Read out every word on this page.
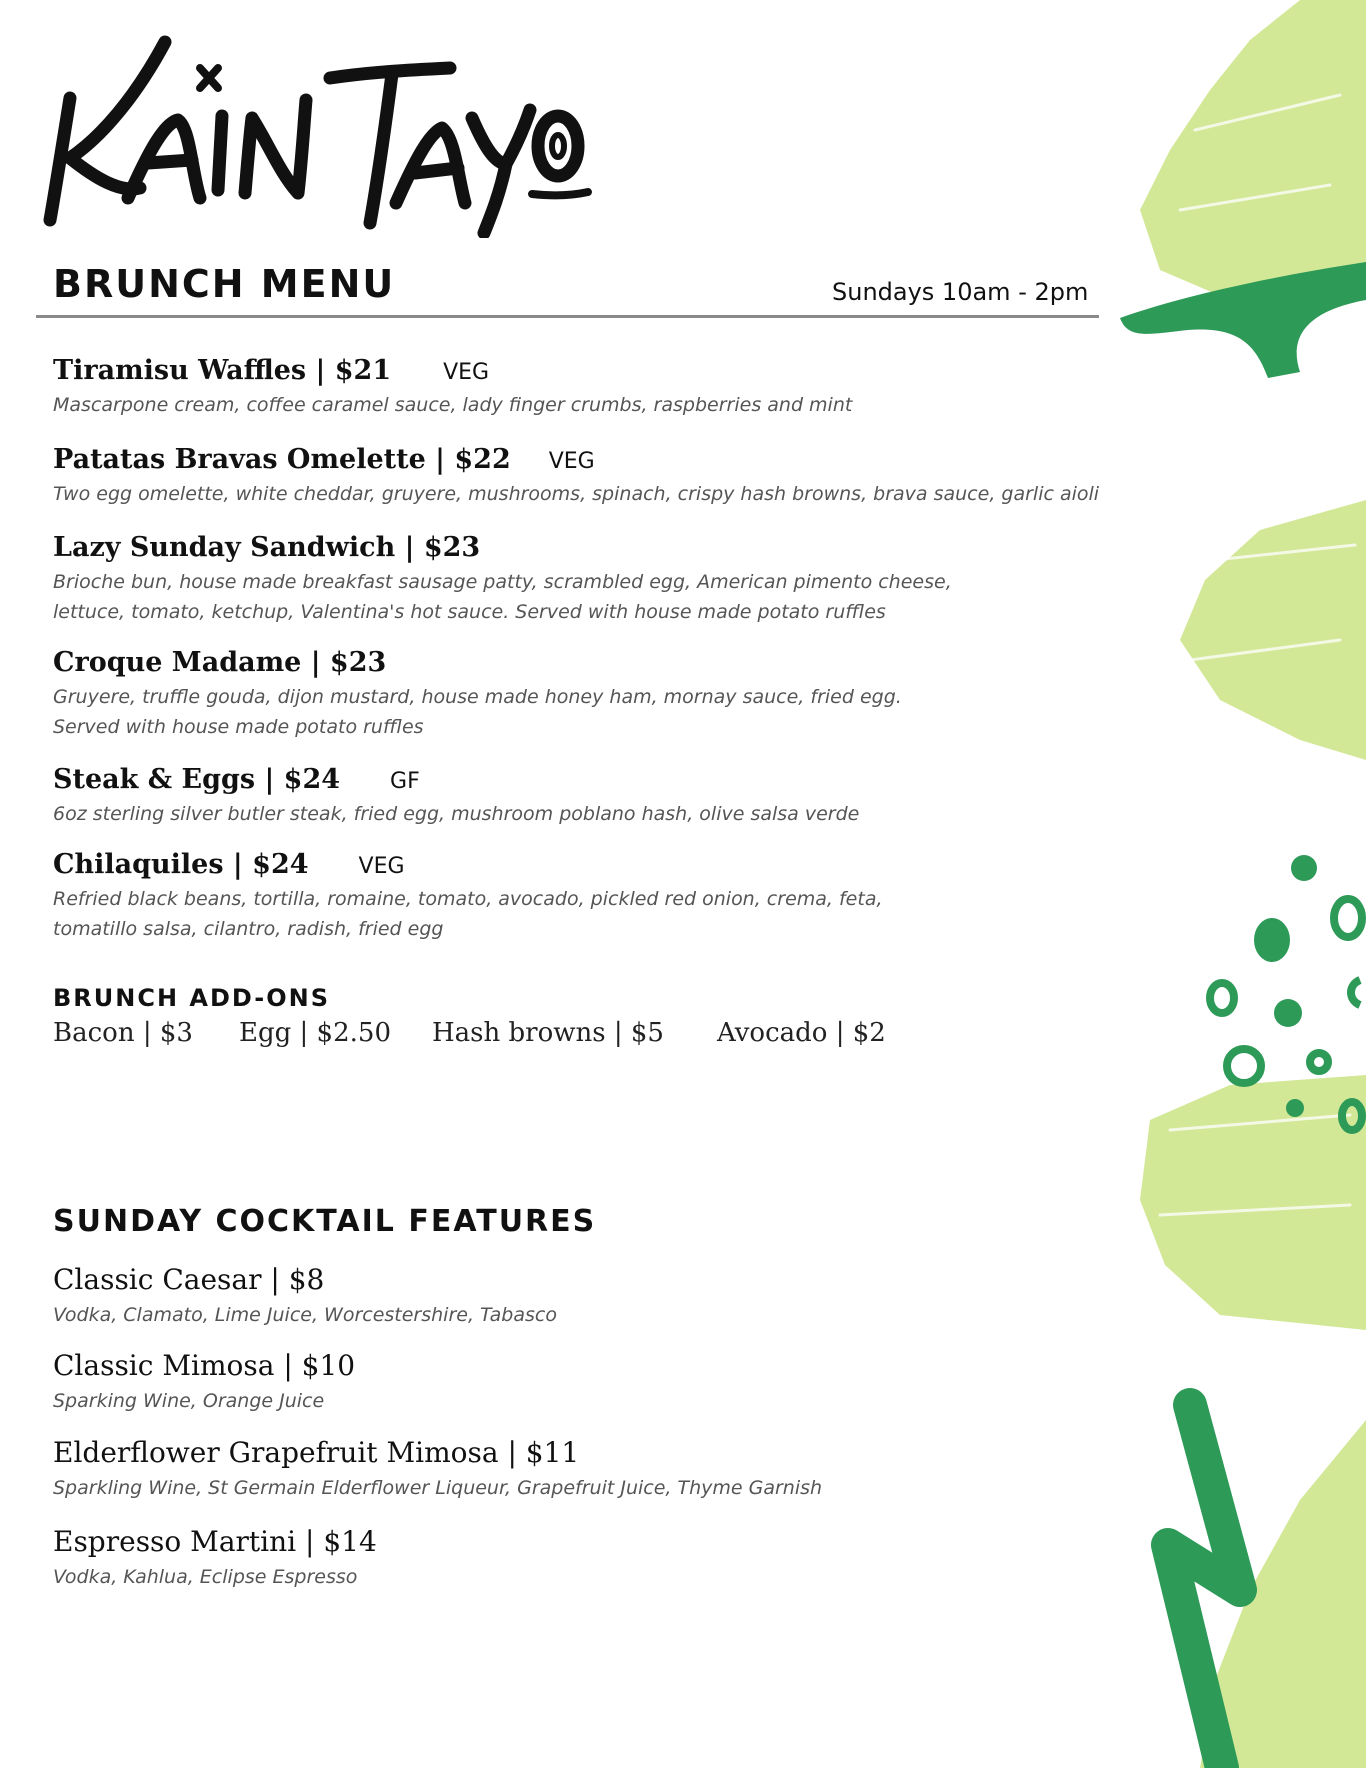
BRUNCH MENU	Sundays 10am - 2pm
Tiramisu Waffles | $21 VEG
Mascarpone cream, coffee caramel sauce, lady finger crumbs, raspberries and mint
Patatas Bravas Omelette | $22 VEG
Two egg omelette, white cheddar, gruyere, mushrooms, spinach, crispy hash browns, brava sauce, garlic aioli
Lazy Sunday Sandwich | $23
Brioche bun, house made breakfast sausage patty, scrambled egg, American pimento cheese,
lettuce, tomato, ketchup, Valentina's hot sauce. Served with house made potato ruffles
Croque Madame | $23
Gruyere, truffle gouda, dijon mustard, house made honey ham, mornay sauce, fried egg.
Served with house made potato ruffles
Steak & Eggs | $24 GF
6oz sterling silver butler steak, fried egg, mushroom poblano hash, olive salsa verde
Chilaquiles | $24 VEG
Refried black beans, tortilla, romaine, tomato, avocado, pickled red onion, crema, feta,
tomatillo salsa, cilantro, radish, fried egg
BRUNCH ADD-ONS
Bacon | $3	Egg | $2.50	Hash browns | $5	Avocado | $2
SUNDAY COCKTAIL FEATURES
Classic Caesar | $8
Vodka, Clamato, Lime Juice, Worcestershire, Tabasco
Classic Mimosa | $10
Sparking Wine, Orange Juice
Elderflower Grapefruit Mimosa | $11
Sparkling Wine, St Germain Elderflower Liqueur, Grapefruit Juice, Thyme Garnish
Espresso Martini | $14
Vodka, Kahlua, Eclipse Espresso
